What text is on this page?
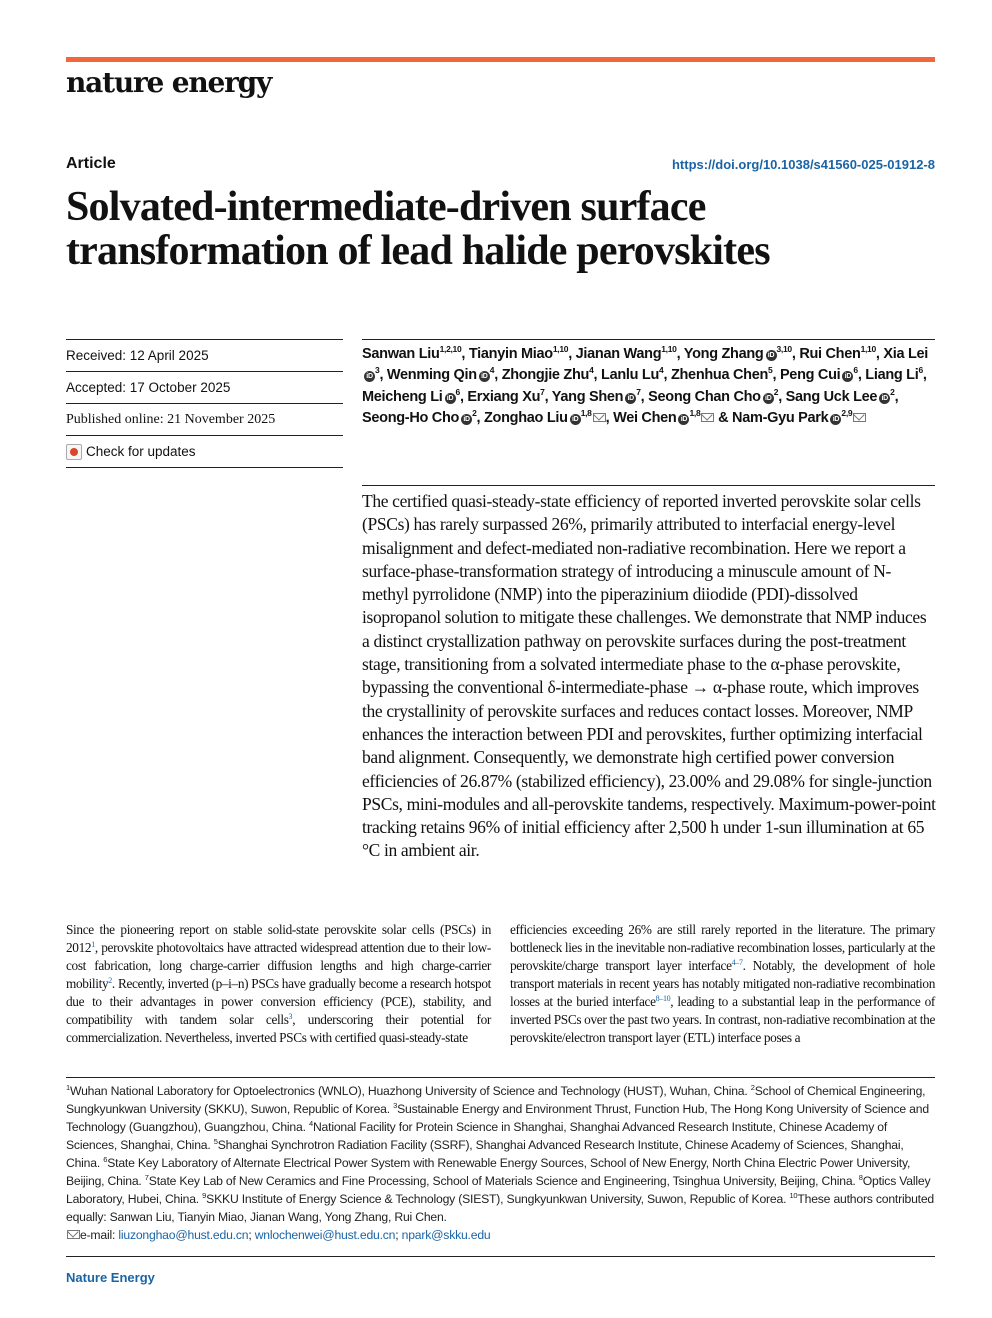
nature energy
Article	https://doi.org/10.1038/s41560-025-01912-8
Solvated-intermediate-driven surface transformation of lead halide perovskites
Received: 12 April 2025
Accepted: 17 October 2025
Published online: 21 November 2025
Check for updates

Sanwan Liu$^{1,2,10}$, Tianyin Miao$^{1,10}$, Jianan Wang$^{1,10}$, Yong Zhang iD$^{3,10}$, Rui Chen$^{1,10}$, Xia LeiiD$^3$, Wenming Qin $iD^4$, Zhongjie Zhu$^4$, Lanlu Lu$^4$, Zhenhua Chen$^5$, Peng Cui $iD^6$, Liang Li$^6$, Meicheng Li $iD^6$, Erxiang Xu$^7$, Yang Shen $iD^7$, Seong Chan Cho $iD^2$, Sang Uck Lee $iD^2$, Seong-Ho Cho $iD^2$, Zonghao Liu iD$^{1,8}$ , Wei Chen iD$^{1,8}$ & Nam-Gyu Park iD$^{2,9}$

The certified quasi-steady-state efficiency of reported inverted perovskite solar cells (PSCs) has rarely surpassed 26%, primarily attributed to interfacial energy-level misalignment and defect-mediated non-radiative recombination. Here we report a surface-phase-transformation strategy of introducing a minuscule amount of N-methyl pyrrolidone (NMP) into the piperazinium diiodide (PDI)-dissolved isopropanol solution to mitigate these challenges. We demonstrate that NMP induces a distinct crystallization pathway on perovskite surfaces during the post-treatment stage, transitioning from a solvated intermediate phase to the α-phase perovskite, bypassing the conventional δ-intermediate-phase → α-phase route, which improves the crystallinity of perovskite surfaces and reduces contact losses. Moreover, NMP enhances the interaction between PDI and perovskites, further optimizing interfacial band alignment. Consequently, we demonstrate high certified power conversion efficiencies of 26.87% (stabilized efficiency), 23.00% and 29.08% for single-junction PSCs, mini-modules and all-perovskite tandems, respectively. Maximum-power-point tracking retains 96% of initial efficiency after 2,500 h under 1-sun illumination at 65 °C in ambient air.

Since the pioneering report on stable solid-state perovskite solar cells (PSCs) in 2012$^1$, perovskite photovoltaics have attracted widespread attention due to their low-cost fabrication, long charge-carrier diffusion lengths and high charge-carrier mobility$^2$. Recently, inverted (p–i–n) PSCs have gradually become a research hotspot due to their advantages in power conversion efficiency (PCE), stability, and compatibility with tandem solar cells$^3$, underscoring their potential for commercialization. Nevertheless, inverted PSCs with certified quasi-steady-state

efficiencies exceeding 26% are still rarely reported in the literature. The primary bottleneck lies in the inevitable non-radiative recombination losses, particularly at the perovskite/charge transport layer interface$^{4-7}$. Notably, the development of hole transport materials in recent years has notably mitigated non-radiative recombination losses at the buried interface$^{8-10}$, leading to a substantial leap in the performance of inverted PSCs over the past two years. In contrast, non-radiative recombination at the perovskite/electron transport layer (ETL) interface poses a

$^1$Wuhan National Laboratory for Optoelectronics (WNLO), Huazhong University of Science and Technology (HUST), Wuhan, China. $^2$School of Chemical Engineering, Sungkyunkwan University (SKKU), Suwon, Republic of Korea. $^3$Sustainable Energy and Environment Thrust, Function Hub, The Hong Kong University of Science and Technology (Guangzhou), Guangzhou, China. $^4$National Facility for Protein Science in Shanghai, Shanghai Advanced Research Institute, Chinese Academy of Sciences, Shanghai, China. $^5$Shanghai Synchrotron Radiation Facility (SSRF), Shanghai Advanced Research Institute, Chinese Academy of Sciences, Shanghai, China. $^6$State Key Laboratory of Alternate Electrical Power System with Renewable Energy Sources, School of New Energy, North China Electric Power University, Beijing, China. $^7$State Key Lab of New Ceramics and Fine Processing, School of Materials Science and Engineering, Tsinghua University, Beijing, China. $^8$Optics Valley Laboratory, Hubei, China. $^9$SKKU Institute of Energy Science & Technology (SIEST), Sungkyunkwan University, Suwon, Republic of Korea. $^{10}$These authors contributed equally: Sanwan Liu, Tianyin Miao, Jianan Wang, Yong Zhang, Rui Chen.
e-mail: liuzonghao@hust.edu.cn; wnlochenwei@hust.edu.cn; npark@skku.edu

Nature Energy
